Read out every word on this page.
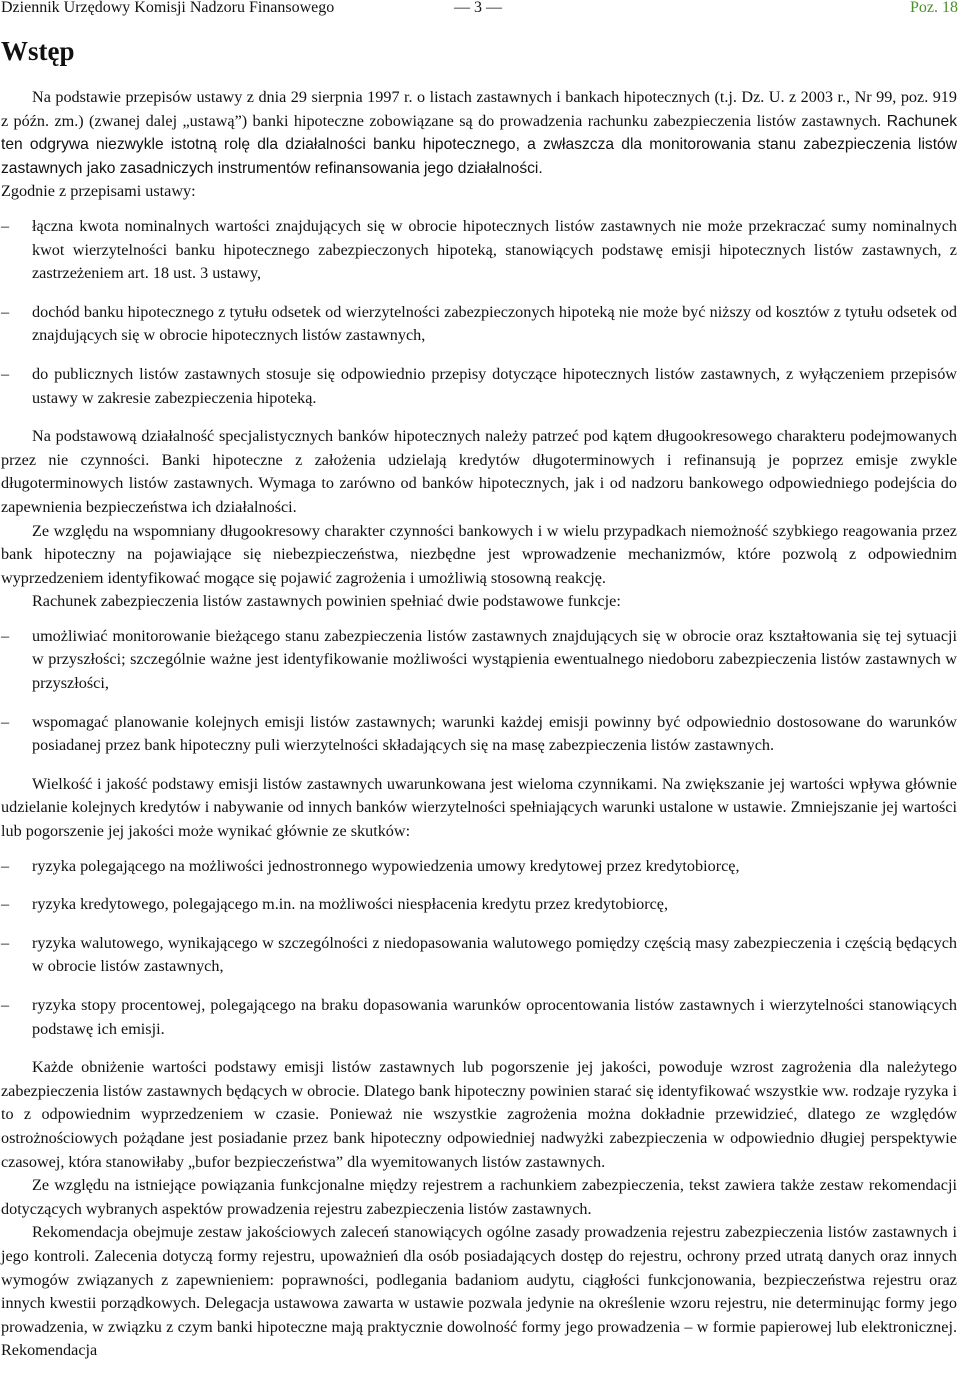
Dziennik Urzędowy Komisji Nadzoru Finansowego	— 3 —	Poz. 18
Wstęp

Na podstawie przepisów ustawy z dnia 29 sierpnia 1997 r. o listach zastawnych i bankach hipotecznych (t.j. Dz. U. z 2003 r., Nr 99, poz. 919 z późn. zm.) (zwanej dalej „ustawą”) banki hipoteczne zobowiązane są do prowadzenia rachunku zabezpieczenia listów zastawnych. Rachunek ten odgrywa niezwykle istotną rolę dla działalności banku hipotecznego, a zwłaszcza dla monitorowania stanu zabezpieczenia listów zastawnych jako zasadniczych instrumentów refinansowania jego działalności.

Zgodnie z przepisami ustawy:

–	łączna kwota nominalnych wartości znajdujących się w obrocie hipotecznych listów zastawnych nie może przekraczać sumy nominalnych kwot wierzytelności banku hipotecznego zabezpieczonych hipoteką, stanowiących podstawę emisji hipotecznych listów zastawnych, z zastrzeżeniem art. 18 ust. 3 ustawy,
–	dochód banku hipotecznego z tytułu odsetek od wierzytelności zabezpieczonych hipoteką nie może być niższy od kosztów z tytułu odsetek od znajdujących się w obrocie hipotecznych listów zastawnych,
–	do publicznych listów zastawnych stosuje się odpowiednio przepisy dotyczące hipotecznych listów zastawnych, z wyłączeniem przepisów ustawy w zakresie zabezpieczenia hipoteką.

Na podstawową działalność specjalistycznych banków hipotecznych należy patrzeć pod kątem długookresowego charakteru podejmowanych przez nie czynności. Banki hipoteczne z założenia udzielają kredytów długoterminowych i refinansują je poprzez emisje zwykle długoterminowych listów zastawnych. Wymaga to zarówno od banków hipotecznych, jak i od nadzoru bankowego odpowiedniego podejścia do zapewnienia bezpieczeństwa ich działalności.

Ze względu na wspomniany długookresowy charakter czynności bankowych i w wielu przypadkach niemożność szybkiego reagowania przez bank hipoteczny na pojawiające się niebezpieczeństwa, niezbędne jest wprowadzenie mechanizmów, które pozwolą z odpowiednim wyprzedzeniem identyfikować mogące się pojawić zagrożenia i umożliwią stosowną reakcję.

Rachunek zabezpieczenia listów zastawnych powinien spełniać dwie podstawowe funkcje:

–	umożliwiać monitorowanie bieżącego stanu zabezpieczenia listów zastawnych znajdujących się w obrocie oraz kształtowania się tej sytuacji w przyszłości; szczególnie ważne jest identyfikowanie możliwości wystąpienia ewentualnego niedoboru zabezpieczenia listów zastawnych w przyszłości,
–	wspomagać planowanie kolejnych emisji listów zastawnych; warunki każdej emisji powinny być odpowiednio dostosowane do warunków posiadanej przez bank hipoteczny puli wierzytelności składających się na masę zabezpieczenia listów zastawnych.

Wielkość i jakość podstawy emisji listów zastawnych uwarunkowana jest wieloma czynnikami. Na zwiększanie jej wartości wpływa głównie udzielanie kolejnych kredytów i nabywanie od innych banków wierzytelności spełniających warunki ustalone w ustawie. Zmniejszanie jej wartości lub pogorszenie jej jakości może wynikać głównie ze skutków:

–	ryzyka polegającego na możliwości jednostronnego wypowiedzenia umowy kredytowej przez kredytobiorcę,
–	ryzyka kredytowego, polegającego m.in. na możliwości niespłacenia kredytu przez kredytobiorcę,
–	ryzyka walutowego, wynikającego w szczególności z niedopasowania walutowego pomiędzy częścią masy zabezpieczenia i częścią będących w obrocie listów zastawnych,
–	ryzyka stopy procentowej, polegającego na braku dopasowania warunków oprocentowania listów zastawnych i wierzytelności stanowiących podstawę ich emisji.

Każde obniżenie wartości podstawy emisji listów zastawnych lub pogorszenie jej jakości, powoduje wzrost zagrożenia dla należytego zabezpieczenia listów zastawnych będących w obrocie. Dlatego bank hipoteczny powinien starać się identyfikować wszystkie ww. rodzaje ryzyka i to z odpowiednim wyprzedzeniem w czasie. Ponieważ nie wszystkie zagrożenia można dokładnie przewidzieć, dlatego ze względów ostrożnościowych pożądane jest posiadanie przez bank hipoteczny odpowiedniej nadwyżki zabezpieczenia w odpowiednio długiej perspektywie czasowej, która stanowiłaby „bufor bezpieczeństwa” dla wyemitowanych listów zastawnych.

Ze względu na istniejące powiązania funkcjonalne między rejestrem a rachunkiem zabezpieczenia, tekst zawiera także zestaw rekomendacji dotyczących wybranych aspektów prowadzenia rejestru zabezpieczenia listów zastawnych.

Rekomendacja obejmuje zestaw jakościowych zaleceń stanowiących ogólne zasady prowadzenia rejestru zabezpieczenia listów zastawnych i jego kontroli. Zalecenia dotyczą formy rejestru, upoważnień dla osób posiadających dostęp do rejestru, ochrony przed utratą danych oraz innych wymogów związanych z zapewnieniem: poprawności, podlegania badaniom audytu, ciągłości funkcjonowania, bezpieczeństwa rejestru oraz innych kwestii porządkowych. Delegacja ustawowa zawarta w ustawie pozwala jedynie na określenie wzoru rejestru, nie determinując formy jego prowadzenia, w związku z czym banki hipoteczne mają praktycznie dowolność formy jego prowadzenia – w formie papierowej lub elektronicznej. Rekomendacja
